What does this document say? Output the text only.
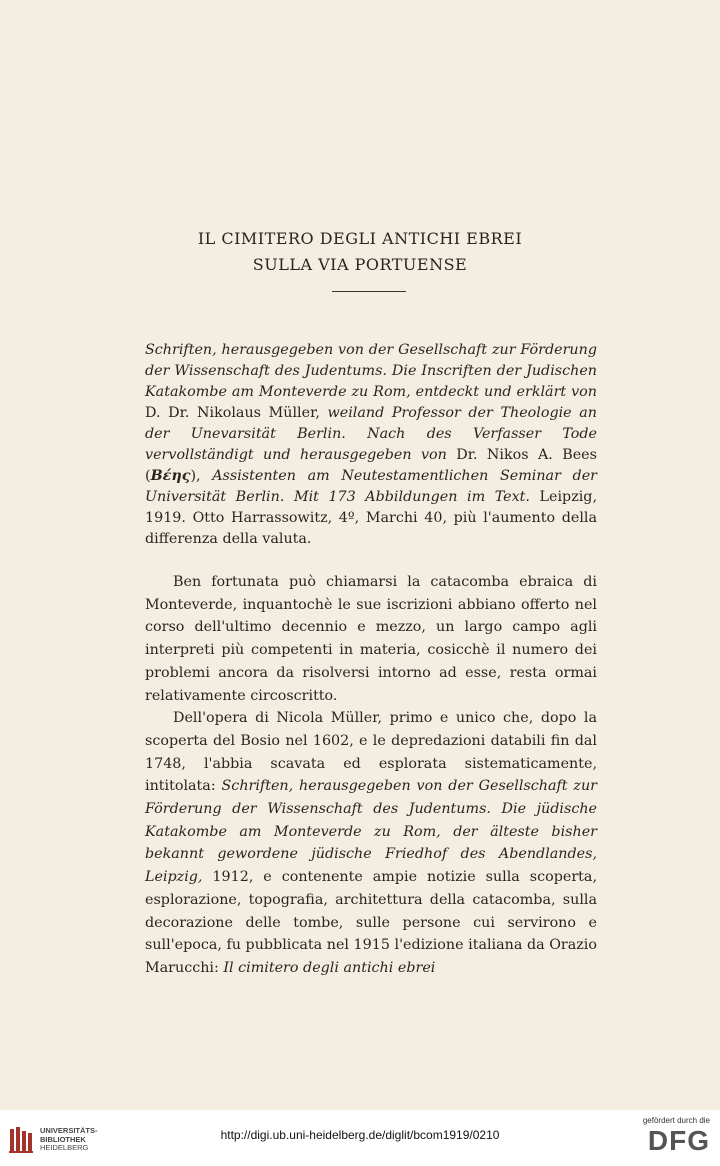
IL CIMITERO DEGLI ANTICHI EBREI
SULLA VIA PORTUENSE

Schriften, herausgegeben von der Gesellschaft zur Förderung der Wissenschaft des Judentums. Die Inscriften der Judischen Katakombe am Monteverde zu Rom, entdeckt und erklärt von D. Dr. Nikolaus Müller, weiland Professor der Theologie an der Unevarsität Berlin. Nach des Verfasser Tode vervollständigt und herausgegeben von Dr. Nikos A. Bees (Βέης), Assistenten am Neutestamentlichen Seminar der Universität Berlin. Mit 173 Abbildungen im Text. Leipzig, 1919. Otto Harrassowitz, 4º, Marchi 40, più l'aumento della differenza della valuta.

Ben fortunata può chiamarsi la catacomba ebraica di Monteverde, inquantochè le sue iscrizioni abbiano offerto nel corso dell'ultimo decennio e mezzo, un largo campo agli interpreti più competenti in materia, cosicchè il numero dei problemi ancora da risolversi intorno ad esse, resta ormai relativamente circoscritto.

Dell'opera di Nicola Müller, primo e unico che, dopo la scoperta del Bosio nel 1602, e le depredazioni databili fin dal 1748, l'abbia scavata ed esplorata sistematicamente, intitolata: Schriften, herausgegeben von der Gesellschaft zur Förderung der Wissenschaft des Judentums. Die jüdische Katakombe am Monteverde zu Rom, der älteste bisher bekannt gewordene jüdische Friedhof des Abendlandes, Leipzig, 1912, e contenente ampie notizie sulla scoperta, esplorazione, topografia, architettura della catacomba, sulla decorazione delle tombe, sulle persone cui servirono e sull'epoca, fu pubblicata nel 1915 l'edizione italiana da Orazio Marucchi: Il cimitero degli antichi ebrei

UNIVERSITÄTS-
BIBLIOTHEK
HEIDELBERG
http://digi.ub.uni-heidelberg.de/diglit/bcom1919/0210
gefördert durch die
DFG
